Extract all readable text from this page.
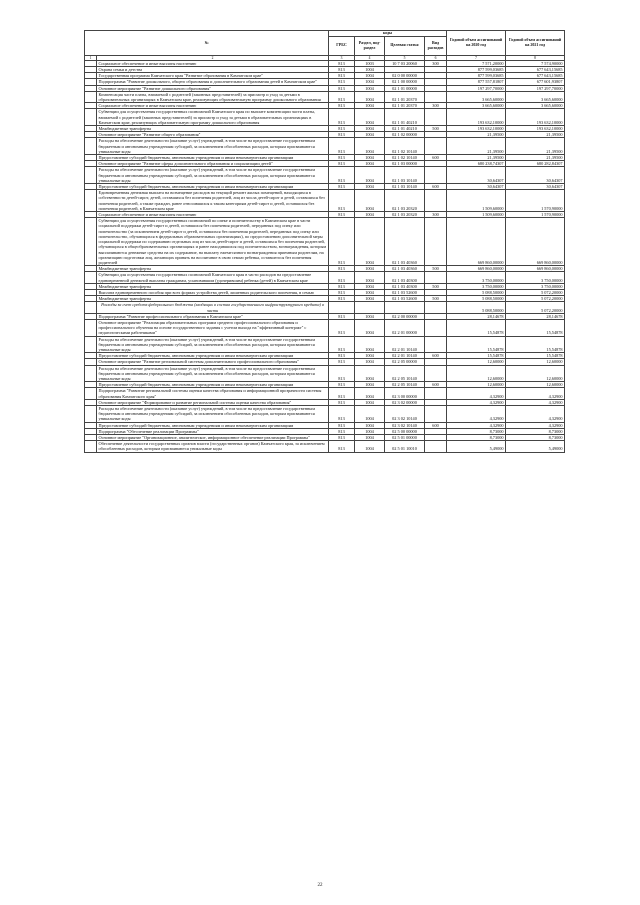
№		коды				Годовой объем ассигнований на 2020 год	Годовой объем ассигнований на 2021 год
		ГРБС	Раздел, под- раздел	Целевая статья	Вид расходов		
1	2	3	4	5	6	7	8
	Социальное обеспечение и иные выплаты населению	813	1003	10 7 03 20060	300	7 571,20000	7 574,90000
	Охрана семьи и детства	813	1004			877 599,03685	677 643,15685
	Государственная программа Камчатского края "Развитие образования в Камчатском крае"	813	1004	02 0 00 00000		877 599,03685	677 643,15685
	Подпрограмма "Развитие дошкольного, общего образования и дополнительного образования детей в Камчатском крае"	813	1004	02 1 00 00000		877 557,81807	677 601,93807
	Основное мероприятие "Развитие дошкольного образования"	813	1004	02 1 01 00000		197 297,70000	197 297,70000
	Компенсация части платы, взимаемой с родителей (законных представителей) за присмотр и уход за детьми в образовательных организациях в Камчатском крае, реализующих образовательную программу дошкольного образования	813	1004	02 1 01 20370		3 665,60000	3 665,60000
	Социальное обеспечение и иные выплаты населению	813	1004	02 1 01 20370	300	3 665,60000	3 665,60000
	Субвенции для осуществления государственных полномочий Камчатского края по выплате компенсации части платы, взимаемой с родителей (законных представителей) за присмотр и уход за детьми в образовательных организациях в Камчатском крае, реализующих образовательную программу дошкольного образования	813	1004	02 1 01 40210		193 632,10000	193 632,10000
	Межбюджетные трансферты	813	1004	02 1 01 40210	500	193 632,10000	193 632,10000
	Основное мероприятие "Развитие общего образования"	813	1004	02 1 02 00000		21,39500	21,39500
	Расходы на обеспечение деятельности (оказание услуг) учреждений, в том числе на предоставление государственным бюджетным и автономным учреждениям субсидий, за исключением обособленных расходов, которым присваиваются уникальные коды	813	1004	02 1 02 10140		21,39500	21,39500
	Предоставление субсидий бюджетным, автономным учреждениям и иным некоммерческим организациям	813	1004	02 1 02 10140	600	21,39500	21,39500
	Основное мероприятие "Развитие сферы дополнительного образования и социализации детей"	813	1004	02 1 03 00000		680 238,74307	680 282,84307
	Расходы на обеспечение деятельности (оказание услуг) учреждений, в том числе на предоставление государственным бюджетным и автономным учреждениям субсидий, за исключением обособленных расходов, которым присваиваются уникальные коды	813	1004	02 1 03 10140		30,64307	30,64307
	Предоставление субсидий бюджетным, автономным учреждениям и иным некоммерческим организациям	813	1004	02 1 03 10140	600	30,64307	30,64307
	Единовременная денежная выплата на возмещение расходов на текущий ремонт жилых помещений, находящихся в собственности детей-сирот, детей, оставшихся без попечения родителей, лиц из числа детей-сирот и детей, оставшихся без попечения родителей, а также граждан, ранее относившихся к таким категориям детей-сирот и детей, оставшихся без попечения родителей, в Камчатском крае	813	1004	02 1 03 20320		1 509,60000	1 570,90000
	Социальное обеспечение и иные выплаты населению	813	1004	02 1 03 20320	300	1 509,60000	1 570,90000
	Субвенции для осуществления государственных полномочий по опеке и попечительству в Камчатском крае в части социальной поддержки детей-сирот и детей, оставшихся без попечения родителей, переданных под опеку или попечительство (за исключением детей-сирот и детей, оставшихся без попечения родителей, переданных под опеку или попечительство, обучающихся в федеральных образовательных организациях), по предоставлению дополнительной меры социальной поддержки по содержанию отдельных лиц из числа детей-сирот и детей, оставшихся без попечения родителей, обучающихся в общеобразовательных организациях и ранее находившихся под попечительством, вознаграждения, которым выплачиваются денежные средства на их содержание, на выплату ежемесячного вознаграждения приемным родителям, на организацию подготовки лиц, желающих принять на воспитание в свою семью ребенка, оставшегося без попечения родителей	813	1004	02 1 03 40360		669 860,00000	669 860,00000
	Межбюджетные трансферты	813	1004	02 1 03 40360	500	669 860,00000	669 860,00000
	Субвенции для осуществления государственных полномочий Камчатского края в части расходов на предоставление единовременной денежной выплаты гражданам, усыновившим (удочерившим) ребенка (детей) в Камчатском крае	813	1004	02 1 03 40300		3 750,00000	3 750,00000
	Межбюджетные трансферты	813	1004	02 1 03 40300	500	3 750,00000	3 750,00000
	Выплата единовременного пособия при всех формах устройства детей, лишенных родительского попечения, в семью	813	1004	02 1 03 52600		5 088,50000	5 072,20000
	Межбюджетные трансферты	813	1004	02 1 03 52600	500	5 088,50000	5 072,20000
	Расходы за счет средств федерального бюджета (входящих в состав государственного инфраструктурного кредита) в части					5 088,50000	5 072,20000
	Подпрограмма "Развитие профессионального образования в Камчатском крае"	813	1004	02 2 00 00000		28,14678	28,14678
	Основное мероприятие "Реализация образовательных программ среднего профессионального образования и профессионального обучения на основе государственного задания с учетом выхода на "эффективный контракт" с педагогическими работниками"	813	1004	02 2 01 00000		15,54878	15,54878
	Расходы на обеспечение деятельности (оказание услуг) учреждений, в том числе на предоставление государственным бюджетным и автономным учреждениям субсидий, за исключением обособленных расходов, которым присваиваются уникальные коды	813	1004	02 2 01 10140		15,54878	15,54878
	Предоставление субсидий бюджетным, автономным учреждениям и иным некоммерческим организациям	813	1004	02 2 01 10140	600	15,54878	15,54878
	Основное мероприятие "Развитие региональной системы дополнительного профессионального образования"	813	1004	02 2 05 00000		12,60000	12,60000
	Расходы на обеспечение деятельности (оказание услуг) учреждений, в том числе на предоставление государственным бюджетным и автономным учреждениям субсидий, за исключением обособленных расходов, которым присваиваются уникальные коды	813	1004	02 2 05 10140		12,60000	12,60000
	Предоставление субсидий бюджетным, автономным учреждениям и иным некоммерческим организациям	813	1004	02 2 05 10140	600	12,60000	12,60000
	Подпрограмма "Развитие региональной системы оценки качества образования и информационной прозрачности системы образования Камчатского края"	813	1004	02 3 00 00000		4,32900	4,32900
	Основное мероприятие "Формирование и развитие региональной системы оценки качества образования"	813	1004	02 3 02 00000		4,32900	4,32900
	Расходы на обеспечение деятельности (оказание услуг) учреждений, в том числе на предоставление государственным бюджетным и автономным учреждениям субсидий, за исключением обособленных расходов, которым присваиваются уникальные коды	813	1004	02 3 02 10140		4,32900	4,32900
	Предоставление субсидий бюджетным, автономным учреждениям и иным некоммерческим организациям	813	1004	02 3 02 10140	600	4,32900	4,32900
	Подпрограмма "Обеспечение реализации Программы"	813	1004	02 5 00 00000		8,73000	8,73000
	Основное мероприятие "Организационное, аналитическое, информационное обеспечение реализации Программы"	813	1004	02 5 01 00000		8,73000	8,73000
	Обеспечение деятельности государственных органов власти (государственных органов) Камчатского края, за исключением обособленных расходов, которым присваиваются уникальные коды	813	1004	02 5 01 10010		5,49000	5,49000
22
